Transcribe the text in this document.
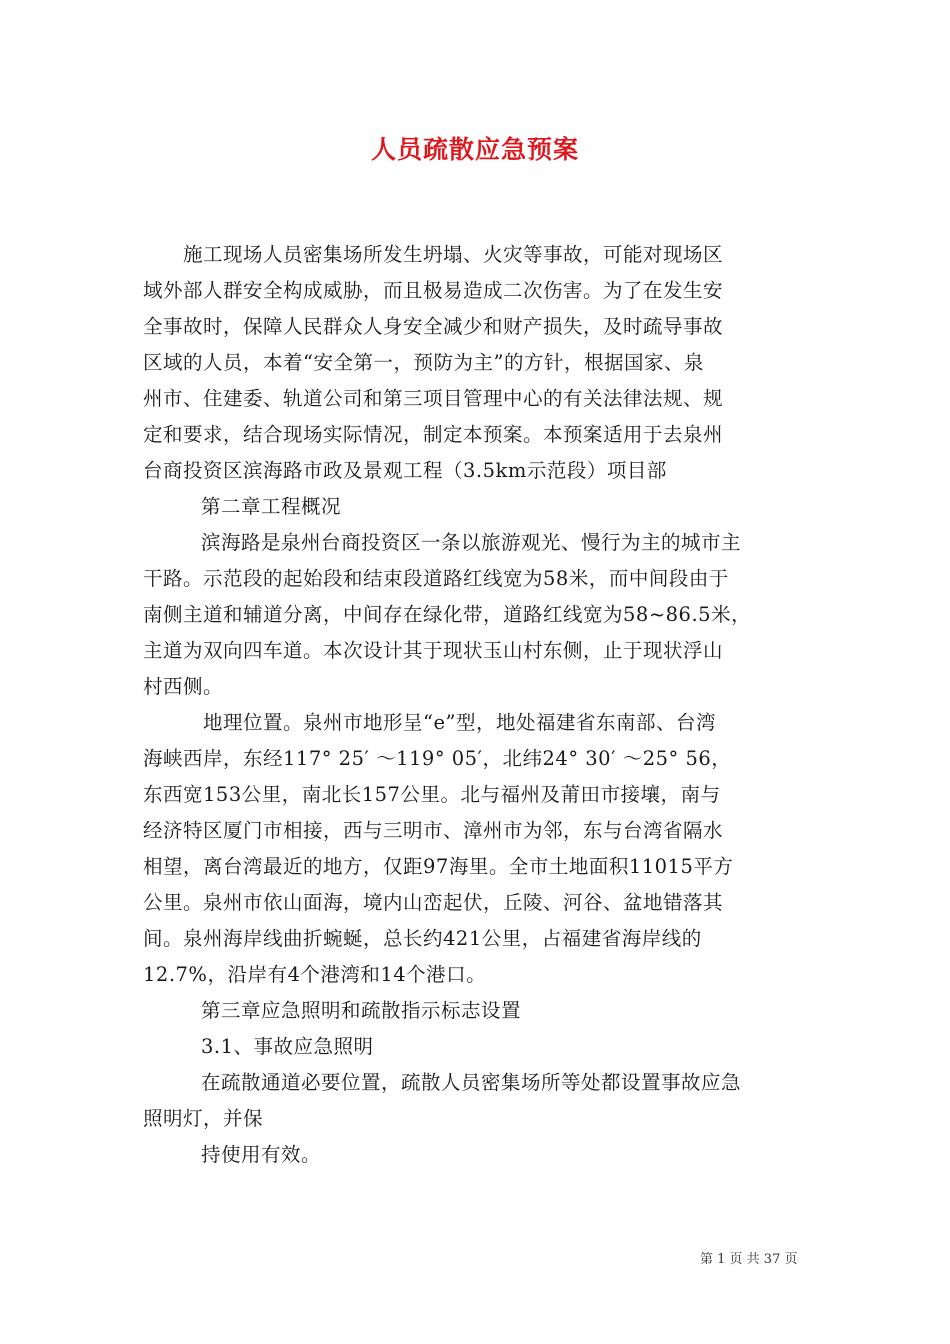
人员疏散应急预案
施工现场人员密集场所发生坍塌、火灾等事故，可能对现场区
域外部人群安全构成威胁，而且极易造成二次伤害。为了在发生安
全事故时，保障人民群众人身安全减少和财产损失，及时疏导事故
区域的人员，本着“安全第一，预防为主”的方针，根据国家、泉
州市、住建委、轨道公司和第三项目管理中心的有关法律法规、规
定和要求，结合现场实际情况，制定本预案。本预案适用于去泉州
台商投资区滨海路市政及景观工程（3.5km示范段）项目部
第二章工程概况
滨海路是泉州台商投资区一条以旅游观光、慢行为主的城市主
干路。示范段的起始段和结束段道路红线宽为58米，而中间段由于
南侧主道和辅道分离，中间存在绿化带，道路红线宽为58~86.5米，
主道为双向四车道。本次设计其于现状玉山村东侧，止于现状浮山
村西侧。
地理位置。泉州市地形呈“e”型，地处福建省东南部、台湾
海峡西岸，东经117° 25′ ～119° 05′，北纬24° 30′ ～25° 56，
东西宽153公里，南北长157公里。北与福州及莆田市接壤，南与
经济特区厦门市相接，西与三明市、漳州市为邻，东与台湾省隔水
相望，离台湾最近的地方，仅距97海里。全市土地面积11015平方
公里。泉州市依山面海，境内山峦起伏，丘陵、河谷、盆地错落其
间。泉州海岸线曲折蜿蜒，总长约421公里，占福建省海岸线的
12.7%，沿岸有4个港湾和14个港口。
第三章应急照明和疏散指示标志设置
3.1、事故应急照明
在疏散通道必要位置，疏散人员密集场所等处都设置事故应急
照明灯，并保
持使用有效。
第 1 页 共 37 页
